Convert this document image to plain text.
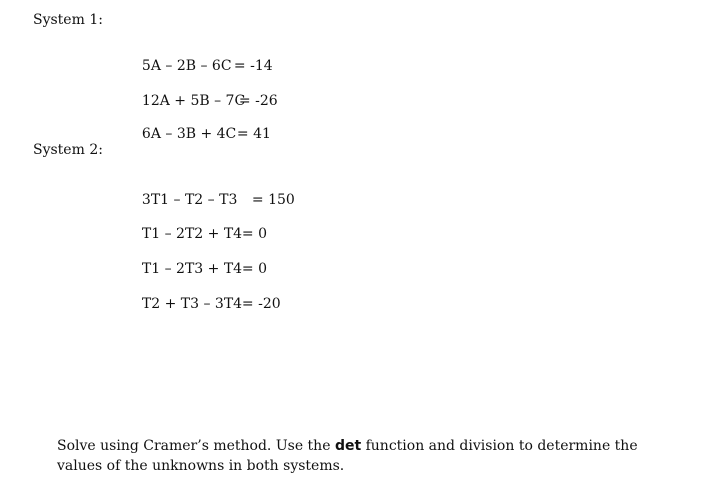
System 1:

5A – 2B – 6C = -14

12A + 5B – 7C= -26

6A – 3B + 4C= 41

System 2:

3T1 – T2 – T3 = 150

T1 – 2T2 + T4= 0

T1 – 2T3 + T4= 0

T2 + T3 – 3T4= -20

Solve using Cramer’s method. Use the det function and division to determine the values of the unknowns in both systems.
